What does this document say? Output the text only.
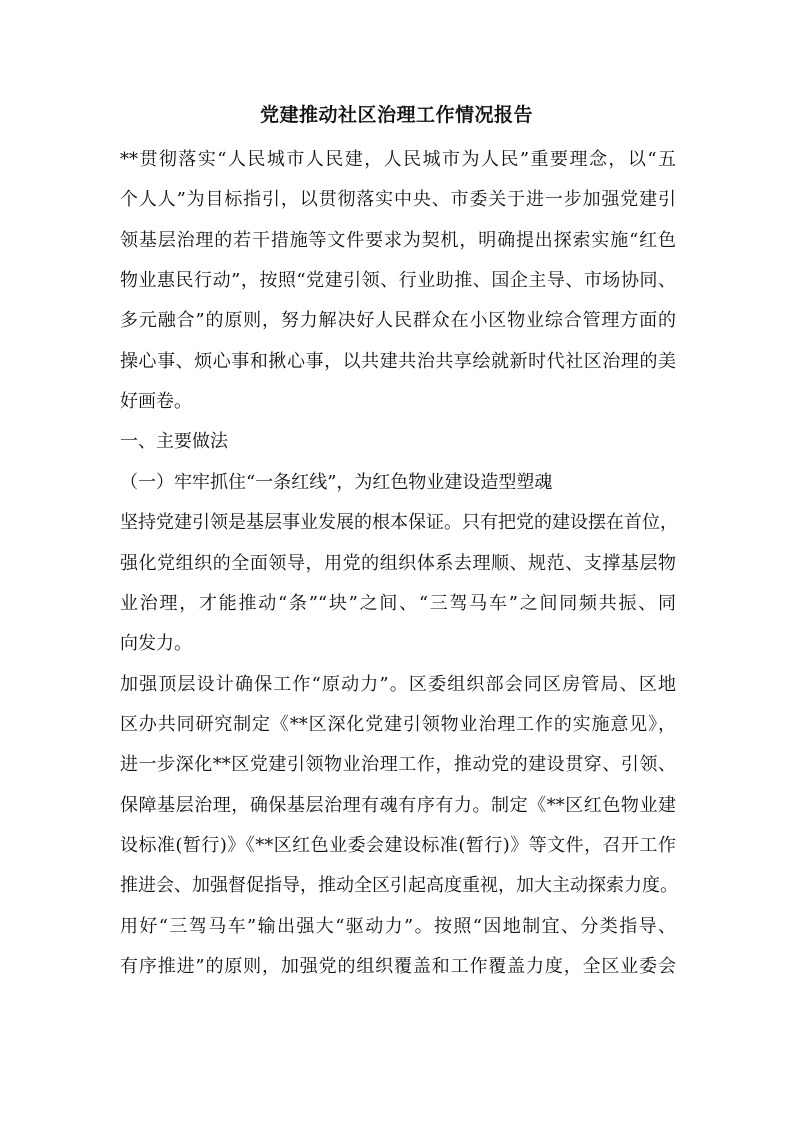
党建推动社区治理工作情况报告
**贯彻落实“人民城市人民建，人民城市为人民”重要理念，以“五
个人人”为目标指引，以贯彻落实中央、市委关于进一步加强党建引
领基层治理的若干措施等文件要求为契机，明确提出探索实施“红色
物业惠民行动”，按照“党建引领、行业助推、国企主导、市场协同、
多元融合”的原则，努力解决好人民群众在小区物业综合管理方面的
操心事、烦心事和揪心事，以共建共治共享绘就新时代社区治理的美
好画卷。
一、主要做法
（一）牢牢抓住“一条红线”，为红色物业建设造型塑魂
坚持党建引领是基层事业发展的根本保证。只有把党的建设摆在首位，
强化党组织的全面领导，用党的组织体系去理顺、规范、支撑基层物
业治理，才能推动“条”“块”之间、“三驾马车”之间同频共振、同
向发力。
加强顶层设计确保工作“原动力”。区委组织部会同区房管局、区地
区办共同研究制定《**区深化党建引领物业治理工作的实施意见》，
进一步深化**区党建引领物业治理工作，推动党的建设贯穿、引领、
保障基层治理，确保基层治理有魂有序有力。制定《**区红色物业建
设标准(暂行)》《**区红色业委会建设标准(暂行)》等文件，召开工作
推进会、加强督促指导，推动全区引起高度重视，加大主动探索力度。
用好“三驾马车”输出强大“驱动力”。按照“因地制宜、分类指导、
有序推进”的原则，加强党的组织覆盖和工作覆盖力度，全区业委会
